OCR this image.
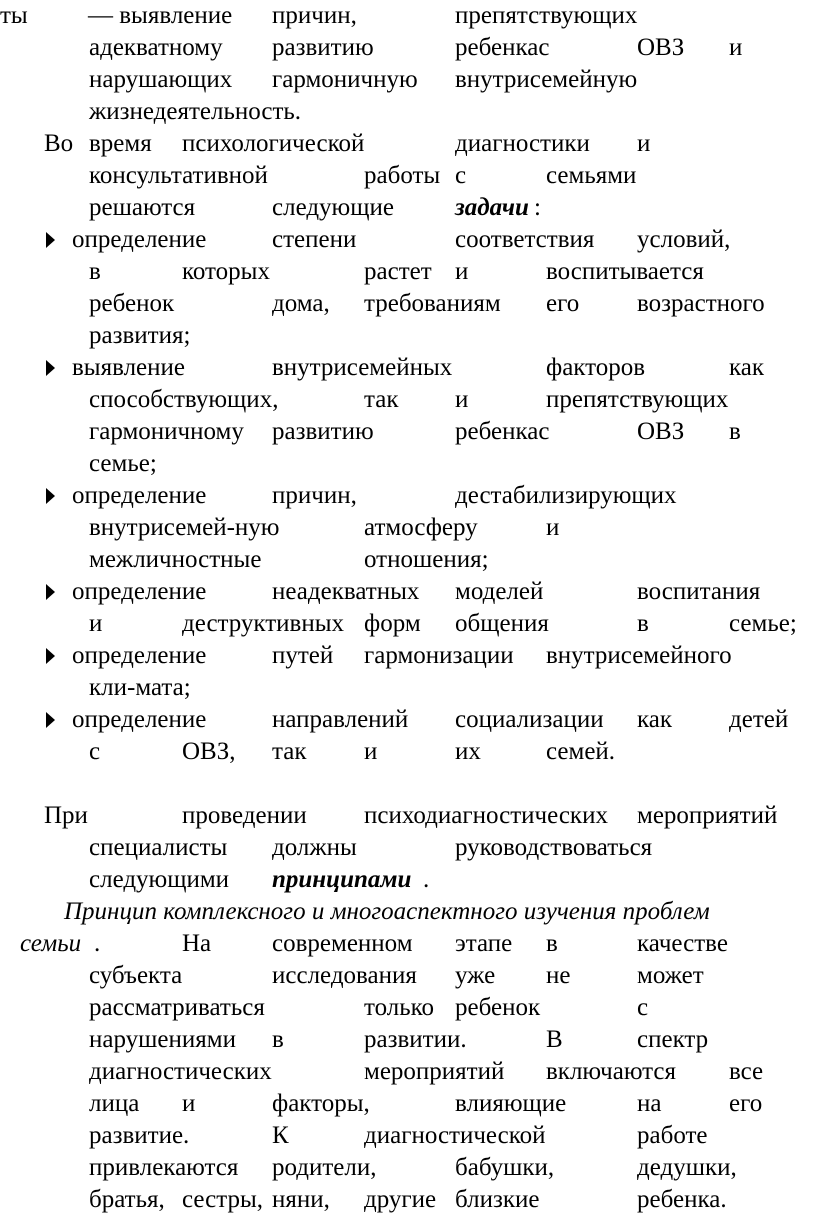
ты — выявление причин,	препятствующих
адекватному развитию	ребенкас	ОВЗ и
нарушающих гармоничную внутрисемейную
жизнедеятельность.
Во время психологической	диагностики и
консультативной	работы с	семьями
решаются	следующие задачи :
определение	степени	соответствия условий,
в	которых	растет и	воспитывается
ребенок	дома, требованиям его возрастного
развития;
выявление	внутрисемейных	факторов	как
способствующих,	так и	препятствующих
гармоничному развитию	ребенкас	ОВЗ в
семье;
определение	причин,	дестабилизирующих
внутрисемей-ную	атмосферу	и
межличностные	отношения;
определение	неадекватных моделей	воспитания
и	деструктивных форм общения	в	семье;
определение	путей гармонизации внутрисемейного
кли-мата;
определение	направлений социализации как детей
с	ОВЗ, так и	их	семей.
При	проведении психодиагностических мероприятий
специалисты должны	руководствоваться
следующими принципами .
Принцип комплексного и многоаспектного изучения проблем
семьи .	На современном этапе в	качестве
субъекта	исследования уже не	может
рассматриваться	только ребенок	с
нарушениями в	развитии.	В	спектр
диагностических	мероприятий включаются все
лица и	факторы,	влияющие	на	его
развитие.	К	диагностической	работе
привлекаются родители,	бабушки,	дедушки,
братья, сестры, няни, другие близкие	ребенка.
